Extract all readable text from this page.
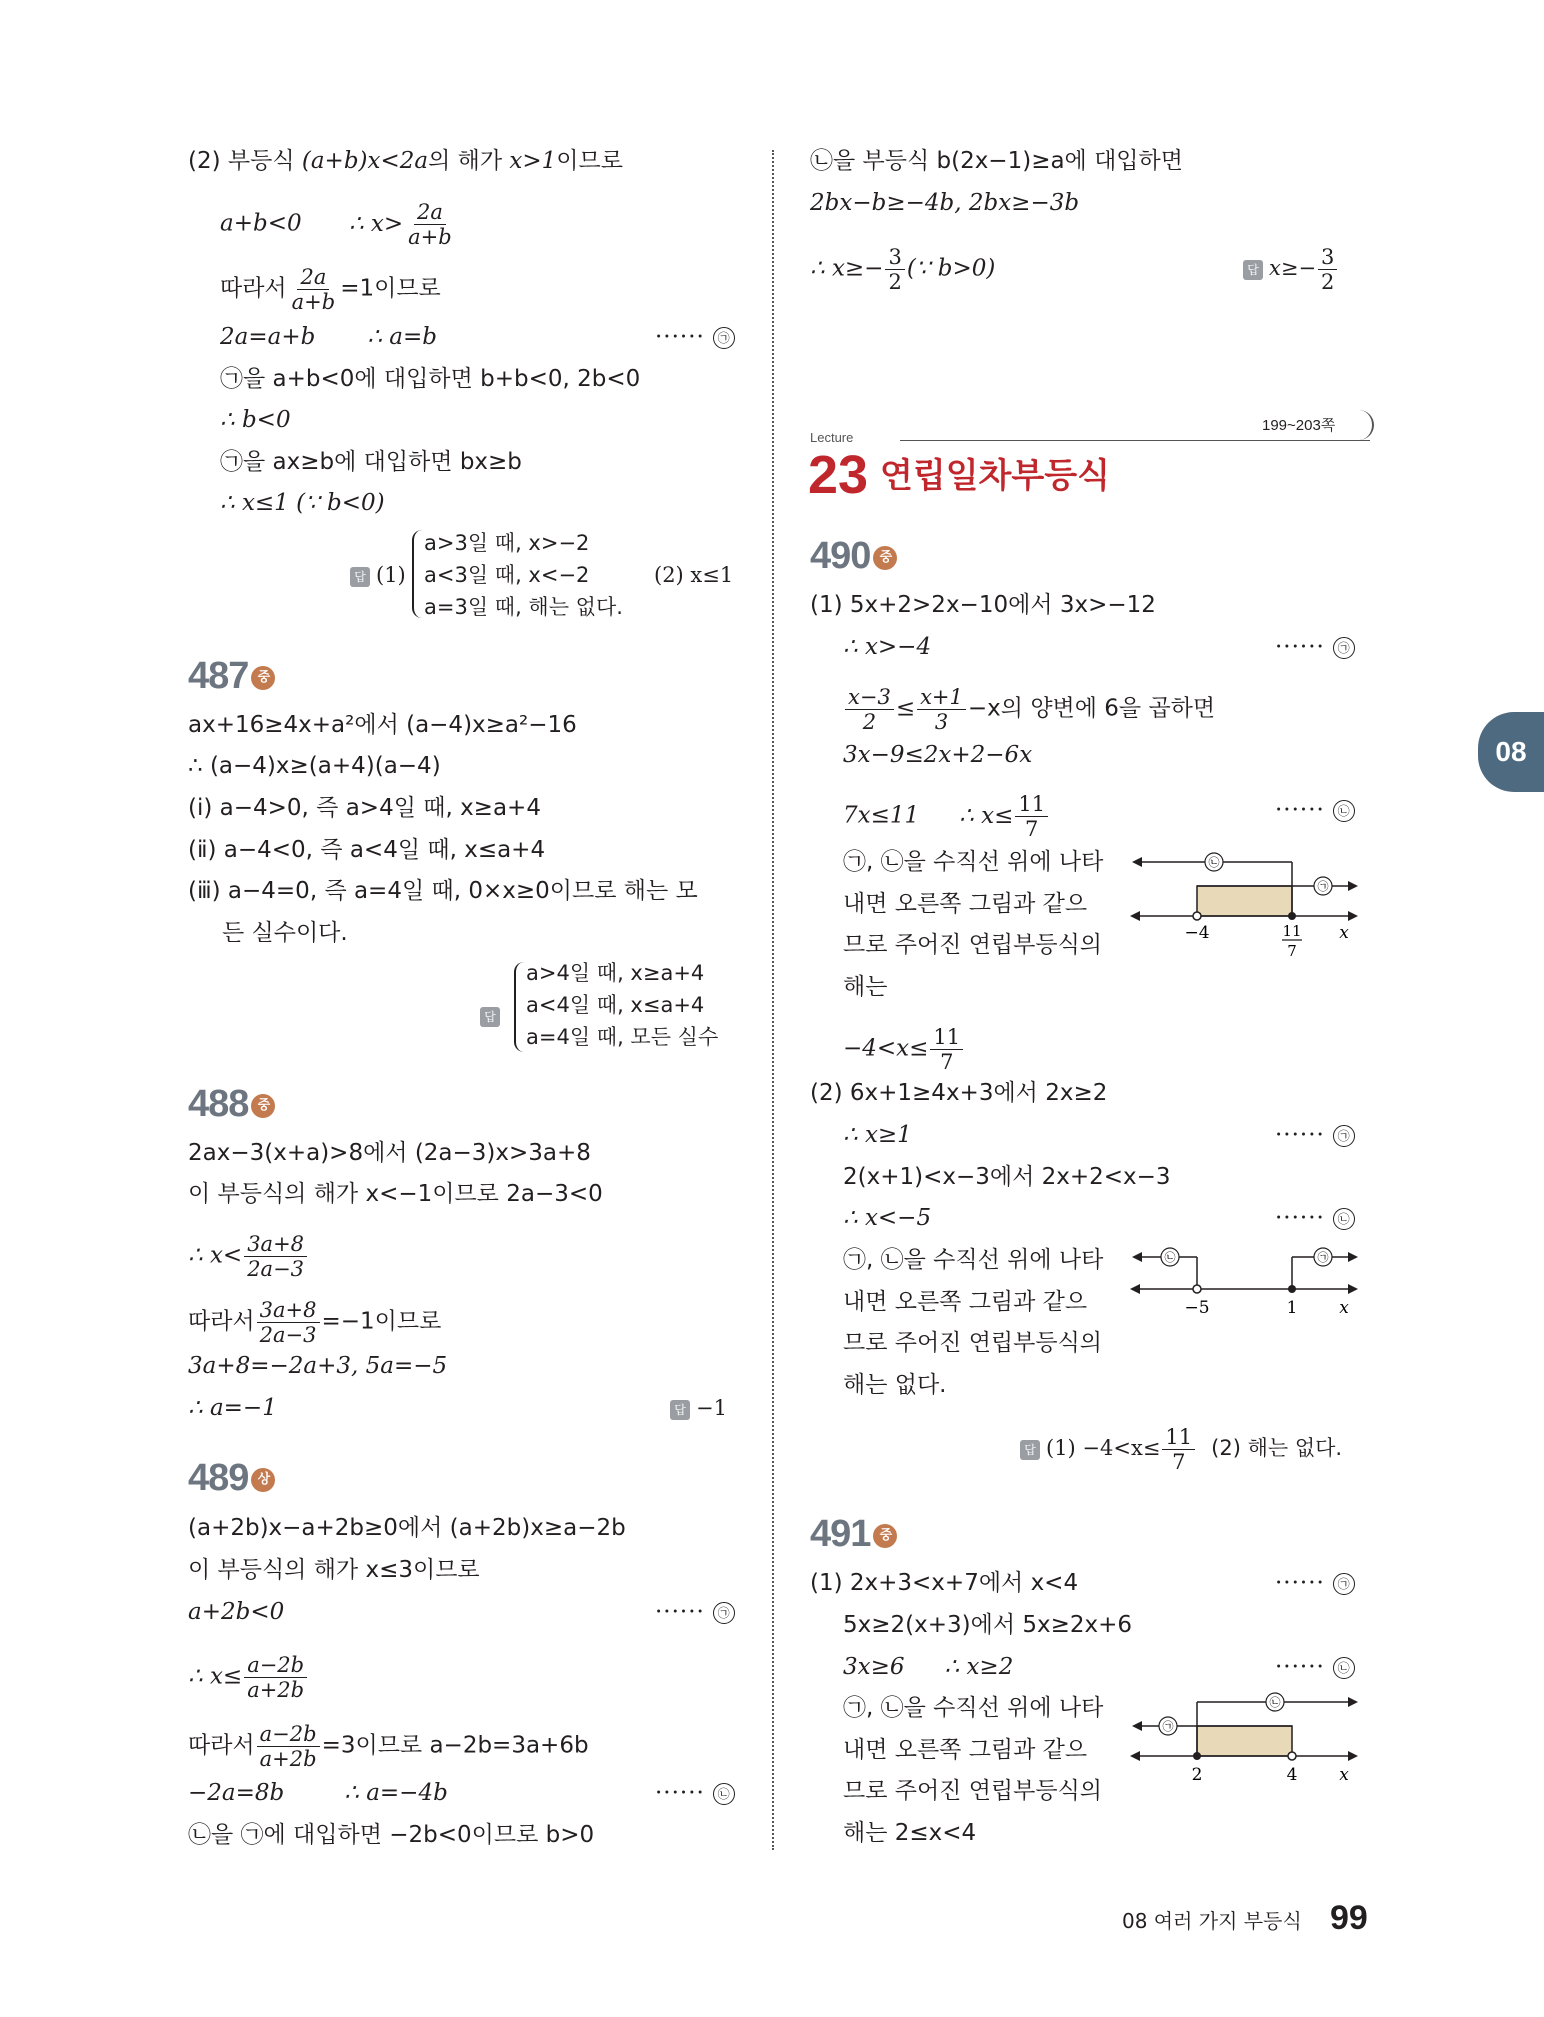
(2) 부등식 (a+b)x<2a의 해가 x>1이므로
a+b<0 ∴ $x> \frac{2a}{a+b}$
따라서 $\frac{2a}{a+b} =1$이므로
2a=a+b ∴ a=b	······ ㉠
㉠을 a+b<0에 대입하면 b+b<0, 2b<0
∴ b<0
㉠을 ax≥b에 대입하면 bx≥b
∴ x≤1 (∵ b<0)
답 (1)
a>3일 때, x>−2
a<3일 때, x<−2
a=3일 때, 해는 없다.
(2) x≤1
487 중
ax+16≥4x+a²에서 (a−4)x≥a²−16
∴ (a−4)x≥(a+4)(a−4)
(ⅰ) a−4>0, 즉 a>4일 때, x≥a+4
(ⅱ) a−4<0, 즉 a<4일 때, x≤a+4
(ⅲ) a−4=0, 즉 a=4일 때, 0×x≥0이므로 해는 모
든 실수이다.
답
a>4일 때, x≥a+4
a<4일 때, x≤a+4
a=4일 때, 모든 실수
488 중
2ax−3(x+a)>8에서 (2a−3)x>3a+8
이 부등식의 해가 x<−1이므로 2a−3<0
∴ $x< \frac{3a+8}{2a-3}$
따라서 $\frac{3a+8}{2a-3} =-1$이므로
3a+8=−2a+3, 5a=−5
∴ a=−1	답 −1
489 상
(a+2b)x−a+2b≥0에서 (a+2b)x≥a−2b
이 부등식의 해가 x≤3이므로
a+2b<0	······ ㉠
∴ $x\le \frac{a-2b}{a+2b}$
따라서 $\frac{a-2b}{a+2b} =3$이므로 a−2b=3a+6b
−2a=8b	∴ a=−4b	······ ㉡
㉡을 ㉠에 대입하면 −2b<0이므로 b>0
㉡을 부등식 b(2x−1)≥a에 대입하면
2bx−b≥−4b, 2bx≥−3b
∴ $x\ge- \frac{3}{2}$ (∵ b>0)	답 $x\ge- \frac{3}{2}$
Lecture
199~203쪽
23 연립일차부등식
490 중
(1) 5x+2>2x−10에서 3x>−12
∴ x>−4	······ ㉠
$\frac{x-3}{2} \le \frac{x+1}{3} -x$의 양변에 6을 곱하면
3x−9≤2x+2−6x
7x≤11 ∴ $x\le \frac{11}{7}$	······ ㉡
㉠, ㉡을 수직선 위에 나타
내면 오른쪽 그림과 같으
므로 주어진 연립부등식의
해는
$-4<x\le \frac{11}{7}$
㉡
㉠
−4	11
7
x
(2) 6x+1≥4x+3에서 2x≥2
∴ x≥1	······ ㉠
2(x+1)<x−3에서 2x+2<x−3
∴ x<−5	······ ㉡
㉠, ㉡을 수직선 위에 나타
내면 오른쪽 그림과 같으
므로 주어진 연립부등식의
해는 없다.
㉡	㉠
−5	1 x
답 $(1) -4<x\le \frac{11}{7} (2)$ 해는 없다.
491 중
(1) 2x+3<x+7에서 x<4	······ ㉠
5x≥2(x+3)에서 5x≥2x+6
3x≥6 ∴ x≥2	······ ㉡
㉠, ㉡을 수직선 위에 나타
내면 오른쪽 그림과 같으
므로 주어진 연립부등식의
해는 2≤x<4
㉠
㉡
2	4 x
08
08 여러 가지 부등식 99
